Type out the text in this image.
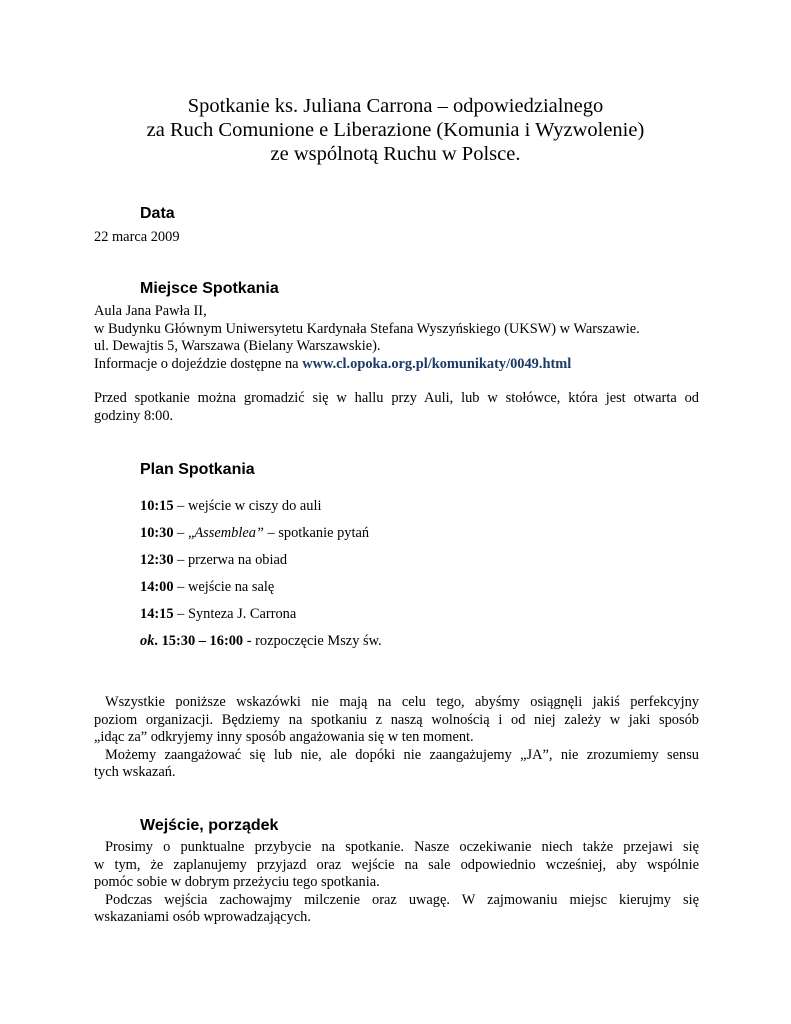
Spotkanie ks. Juliana Carrona – odpowiedzialnego
za Ruch Comunione e Liberazione (Komunia i Wyzwolenie)
ze wspólnotą Ruchu w Polsce.
Data
22 marca 2009
Miejsce Spotkania
Aula Jana Pawła II,
w Budynku Głównym Uniwersytetu Kardynała Stefana Wyszyńskiego (UKSW) w Warszawie.
ul. Dewajtis 5, Warszawa (Bielany Warszawskie).
Informacje o dojeździe dostępne na www.cl.opoka.org.pl/komunikaty/0049.html
Przed spotkanie można gromadzić się w hallu przy Auli, lub w stołówce, która jest otwarta od
godziny 8:00.
Plan Spotkania
10:15 – wejście w ciszy do auli
10:30 – „Assemblea” – spotkanie pytań
12:30 – przerwa na obiad
14:00 – wejście na salę
14:15 – Synteza J. Carrona
ok. 15:30 – 16:00 - rozpoczęcie Mszy św.
Wszystkie poniższe wskazówki nie mają na celu tego, abyśmy osiągnęli jakiś perfekcyjny
poziom organizacji. Będziemy na spotkaniu z naszą wolnością i od niej zależy w jaki sposób
„idąc za” odkryjemy inny sposób angażowania się w ten moment.
Możemy zaangażować się lub nie, ale dopóki nie zaangażujemy „JA”, nie zrozumiemy sensu
tych wskazań.
Wejście, porządek
Prosimy o punktualne przybycie na spotkanie. Nasze oczekiwanie niech także przejawi się
w tym, że zaplanujemy przyjazd oraz wejście na sale odpowiednio wcześniej, aby wspólnie
pomóc sobie w dobrym przeżyciu tego spotkania.
Podczas wejścia zachowajmy milczenie oraz uwagę. W zajmowaniu miejsc kierujmy się
wskazaniami osób wprowadzających.
